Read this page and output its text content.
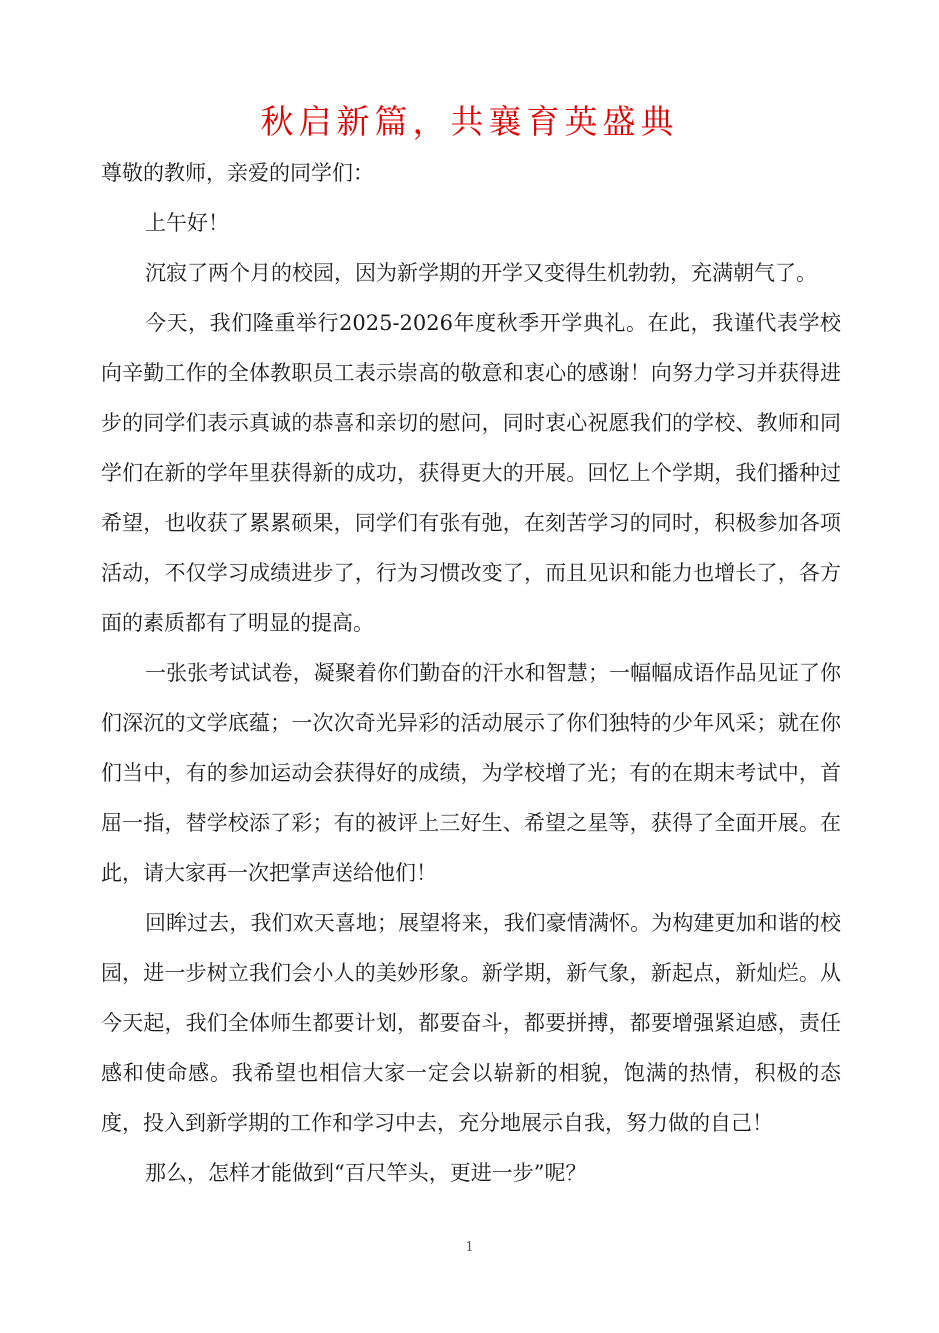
秋启新篇，共襄育英盛典

尊敬的教师，亲爱的同学们：

上午好！

沉寂了两个月的校园，因为新学期的开学又变得生机勃勃，充满朝气了。

今天，我们隆重举行2025-2026年度秋季开学典礼。在此，我谨代表学校向辛勤工作的全体教职员工表示崇高的敬意和衷心的感谢！向努力学习并获得进步的同学们表示真诚的恭喜和亲切的慰问，同时衷心祝愿我们的学校、教师和同学们在新的学年里获得新的成功，获得更大的开展。回忆上个学期，我们播种过希望，也收获了累累硕果，同学们有张有弛，在刻苦学习的同时，积极参加各项活动，不仅学习成绩进步了，行为习惯改变了，而且见识和能力也增长了，各方面的素质都有了明显的提高。

一张张考试试卷，凝聚着你们勤奋的汗水和智慧；一幅幅成语作品见证了你们深沉的文学底蕴；一次次奇光异彩的活动展示了你们独特的少年风采；就在你们当中，有的参加运动会获得好的成绩，为学校增了光；有的在期末考试中，首屈一指，替学校添了彩；有的被评上三好生、希望之星等，获得了全面开展。在此，请大家再一次把掌声送给他们！

回眸过去，我们欢天喜地；展望将来，我们豪情满怀。为构建更加和谐的校园，进一步树立我们会小人的美妙形象。新学期，新气象，新起点，新灿烂。从今天起，我们全体师生都要计划，都要奋斗，都要拼搏，都要增强紧迫感，责任感和使命感。我希望也相信大家一定会以崭新的相貌，饱满的热情，积极的态度，投入到新学期的工作和学习中去，充分地展示自我，努力做的自己！

那么，怎样才能做到“百尺竿头，更进一步”呢？

1
